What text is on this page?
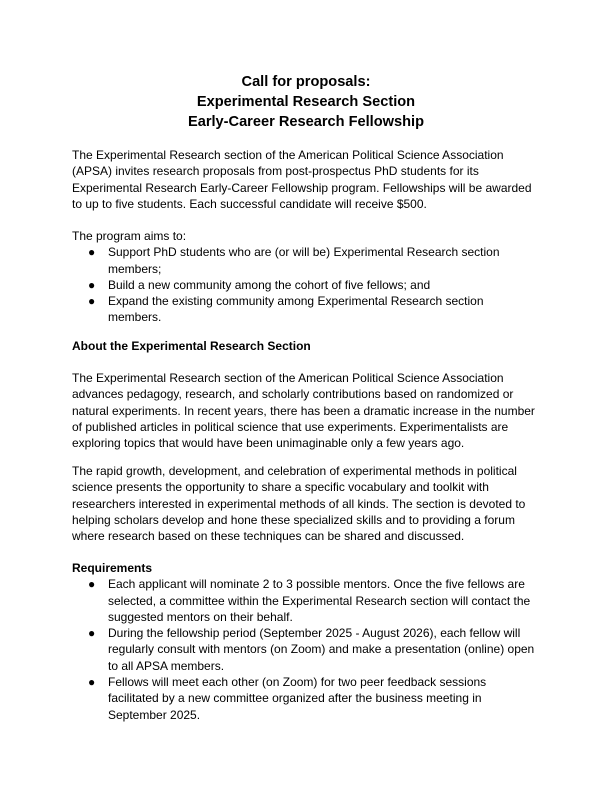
Call for proposals:
Experimental Research Section
Early-Career Research Fellowship

The Experimental Research section of the American Political Science Association (APSA) invites research proposals from post-prospectus PhD students for its Experimental Research Early-Career Fellowship program. Fellowships will be awarded to up to five students. Each successful candidate will receive $500.

The program aims to:

● Support PhD students who are (or will be) Experimental Research section members;
● Build a new community among the cohort of five fellows; and
● Expand the existing community among Experimental Research section members.

About the Experimental Research Section

The Experimental Research section of the American Political Science Association advances pedagogy, research, and scholarly contributions based on randomized or natural experiments. In recent years, there has been a dramatic increase in the number of published articles in political science that use experiments. Experimentalists are exploring topics that would have been unimaginable only a few years ago.

The rapid growth, development, and celebration of experimental methods in political science presents the opportunity to share a specific vocabulary and toolkit with researchers interested in experimental methods of all kinds. The section is devoted to helping scholars develop and hone these specialized skills and to providing a forum where research based on these techniques can be shared and discussed.

Requirements

● Each applicant will nominate 2 to 3 possible mentors. Once the five fellows are selected, a committee within the Experimental Research section will contact the suggested mentors on their behalf.
● During the fellowship period (September 2025 - August 2026), each fellow will regularly consult with mentors (on Zoom) and make a presentation (online) open to all APSA members.
● Fellows will meet each other (on Zoom) for two peer feedback sessions facilitated by a new committee organized after the business meeting in September 2025.
